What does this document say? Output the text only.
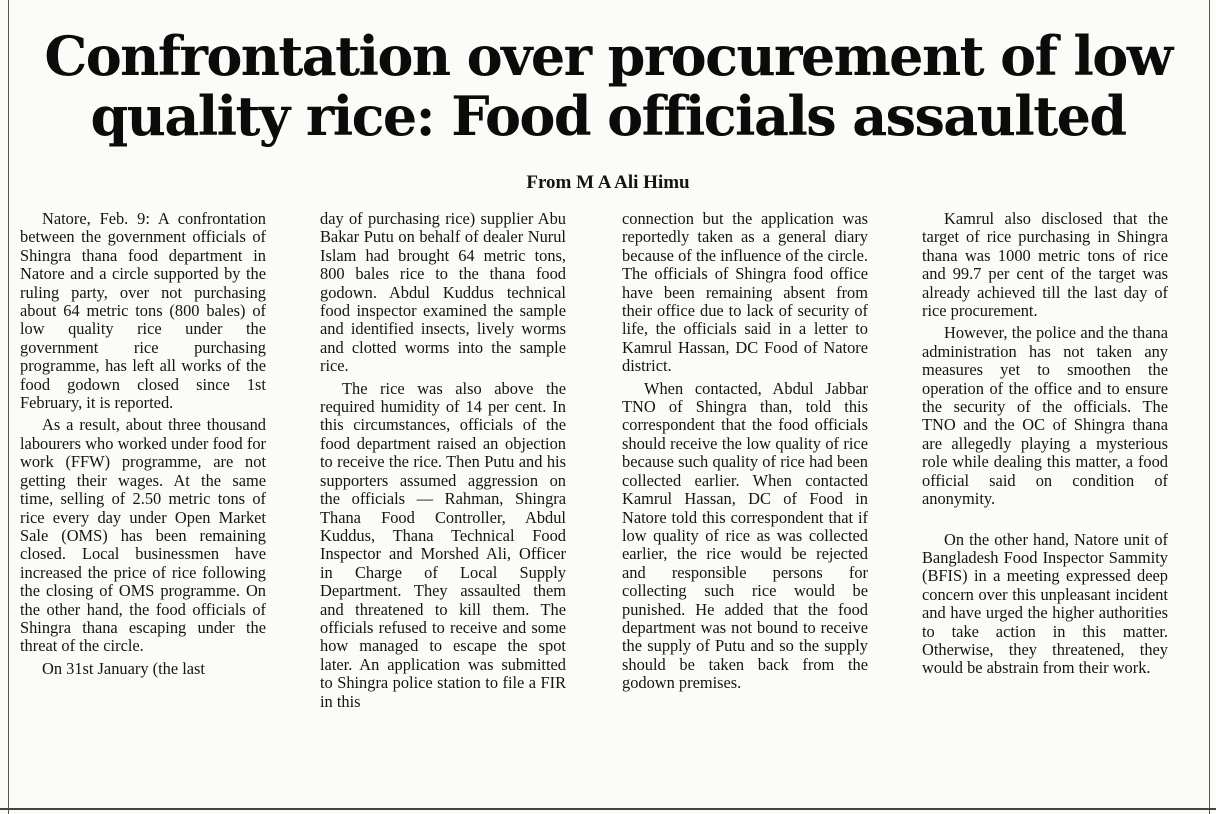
Confrontation over procurement of low quality rice: Food officials assaulted

From M A Ali Himu

Natore, Feb. 9: A confrontation between the government officials of Shingra thana food department in Natore and a circle supported by the ruling party, over not purchasing about 64 metric tons (800 bales) of low quality rice under the government rice purchasing programme, has left all works of the food godown closed since 1st February, it is reported.

As a result, about three thousand labourers who worked under food for work (FFW) programme, are not getting their wages. At the same time, selling of 2.50 metric tons of rice every day under Open Market Sale (OMS) has been remaining closed. Local businessmen have increased the price of rice following the closing of OMS programme. On the other hand, the food officials of Shingra thana escaping under the threat of the circle.

On 31st January (the last

day of purchasing rice) supplier Abu Bakar Putu on behalf of dealer Nurul Islam had brought 64 metric tons, 800 bales rice to the thana food godown. Abdul Kuddus technical food inspector examined the sample and identified insects, lively worms and clotted worms into the sample rice.

The rice was also above the required humidity of 14 per cent. In this circumstances, officials of the food department raised an objection to receive the rice. Then Putu and his supporters assumed aggression on the officials — Rahman, Shingra Thana Food Controller, Abdul Kuddus, Thana Technical Food Inspector and Morshed Ali, Officer in Charge of Local Supply Department. They assaulted them and threatened to kill them. The officials refused to receive and some how managed to escape the spot later. An application was submitted to Shingra police station to file a FIR in this

connection but the application was reportedly taken as a general diary because of the influence of the circle. The officials of Shingra food office have been remaining absent from their office due to lack of security of life, the officials said in a letter to Kamrul Hassan, DC Food of Natore district.

When contacted, Abdul Jabbar TNO of Shingra than, told this correspondent that the food officials should receive the low quality of rice because such quality of rice had been collected earlier. When contacted Kamrul Hassan, DC of Food in Natore told this correspondent that if low quality of rice as was collected earlier, the rice would be rejected and responsible persons for collecting such rice would be punished. He added that the food department was not bound to receive the supply of Putu and so the supply should be taken back from the godown premises.

Kamrul also disclosed that the target of rice purchasing in Shingra thana was 1000 metric tons of rice and 99.7 per cent of the target was already achieved till the last day of rice procurement.

However, the police and the thana administration has not taken any measures yet to smoothen the operation of the office and to ensure the security of the officials. The TNO and the OC of Shingra thana are allegedly playing a mysterious role while dealing this matter, a food official said on condition of anonymity.

On the other hand, Natore unit of Bangladesh Food Inspector Sammity (BFIS) in a meeting expressed deep concern over this unpleasant incident and have urged the higher authorities to take action in this matter. Otherwise, they threatened, they would be abstrain from their work.
